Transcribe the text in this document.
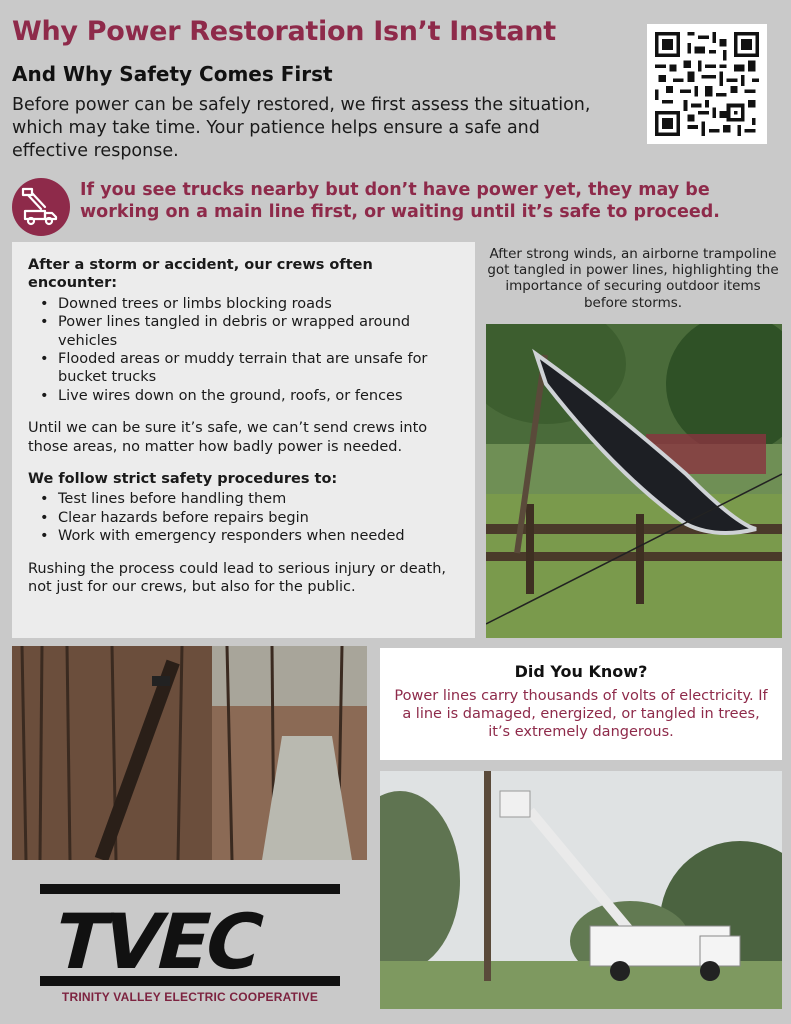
Why Power Restoration Isn’t Instant
And Why Safety Comes First
Before power can be safely restored, we first assess the situation, which may take time. Your patience helps ensure a safe and effective response.
If you see trucks nearby but don’t have power yet, they may be working on a main line first, or waiting until it’s safe to proceed.
After a storm or accident, our crews often encounter:
• Downed trees or limbs blocking roads
• Power lines tangled in debris or wrapped around vehicles
• Flooded areas or muddy terrain that are unsafe for bucket trucks
• Live wires down on the ground, roofs, or fences

Until we can be sure it’s safe, we can’t send crews into those areas, no matter how badly power is needed.

We follow strict safety procedures to:
• Test lines before handling them
• Clear hazards before repairs begin
• Work with emergency responders when needed

Rushing the process could lead to serious injury or death, not just for our crews, but also for the public.

After strong winds, an airborne trampoline got tangled in power lines, highlighting the importance of securing outdoor items before storms.
Did You Know?
Power lines carry thousands of volts of electricity. If a line is damaged, energized, or tangled in trees, it’s extremely dangerous.
TVEC
TRINITY VALLEY ELECTRIC COOPERATIVE
